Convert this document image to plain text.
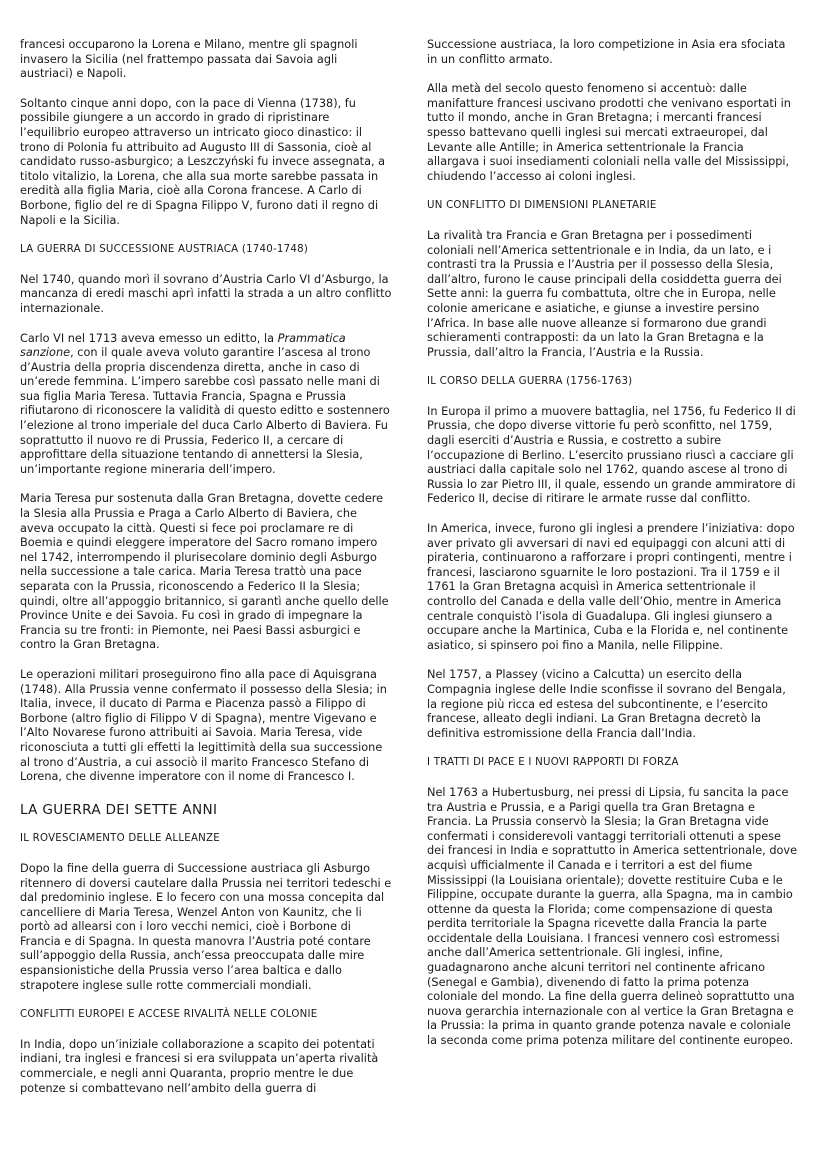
francesi occuparono la Lorena e Milano, mentre gli spagnoli invasero la Sicilia (nel frattempo passata dai Savoia agli austriaci) e Napoli.

Soltanto cinque anni dopo, con la pace di Vienna (1738), fu possibile giungere a un accordo in grado di ripristinare l’equilibrio europeo attraverso un intricato gioco dinastico: il trono di Polonia fu attribuito ad Augusto III di Sassonia, cioè al candidato russo-asburgico; a Leszczyński fu invece assegnata, a titolo vitalizio, la Lorena, che alla sua morte sarebbe passata in eredità alla figlia Maria, cioè alla Corona francese. A Carlo di Borbone, figlio del re di Spagna Filippo V, furono dati il regno di Napoli e la Sicilia.

LA GUERRA DI SUCCESSIONE AUSTRIACA (1740-1748)

Nel 1740, quando morì il sovrano d’Austria Carlo VI d’Asburgo, la mancanza di eredi maschi aprì infatti la strada a un altro conflitto internazionale.

Carlo VI nel 1713 aveva emesso un editto, la Prammatica sanzione, con il quale aveva voluto garantire l’ascesa al trono d’Austria della propria discendenza diretta, anche in caso di un’erede femmina. L’impero sarebbe così passato nelle mani di sua figlia Maria Teresa. Tuttavia Francia, Spagna e Prussia rifiutarono di riconoscere la validità di questo editto e sostennero l’elezione al trono imperiale del duca Carlo Alberto di Baviera. Fu soprattutto il nuovo re di Prussia, Federico II, a cercare di approfittare della situazione tentando di annettersi la Slesia, un’importante regione mineraria dell’impero.

Maria Teresa pur sostenuta dalla Gran Bretagna, dovette cedere la Slesia alla Prussia e Praga a Carlo Alberto di Baviera, che aveva occupato la città. Questi si fece poi proclamare re di Boemia e quindi eleggere imperatore del Sacro romano impero nel 1742, interrompendo il plurisecolare dominio degli Asburgo nella successione a tale carica. Maria Teresa trattò una pace separata con la Prussia, riconoscendo a Federico II la Slesia; quindi, oltre all’appoggio britannico, si garantì anche quello delle Province Unite e dei Savoia. Fu così in grado di impegnare la Francia su tre fronti: in Piemonte, nei Paesi Bassi asburgici e contro la Gran Bretagna.

Le operazioni militari proseguirono fino alla pace di Aquisgrana (1748). Alla Prussia venne confermato il possesso della Slesia; in Italia, invece, il ducato di Parma e Piacenza passò a Filippo di Borbone (altro figlio di Filippo V di Spagna), mentre Vigevano e l’Alto Novarese furono attribuiti ai Savoia. Maria Teresa, vide riconosciuta a tutti gli effetti la legittimità della sua successione al trono d’Austria, a cui associò il marito Francesco Stefano di Lorena, che divenne imperatore con il nome di Francesco I.

LA GUERRA DEI SETTE ANNI
IL ROVESCIAMENTO DELLE ALLEANZE

Dopo la fine della guerra di Successione austriaca gli Asburgo ritennero di doversi cautelare dalla Prussia nei territori tedeschi e dal predominio inglese. E lo fecero con una mossa concepita dal cancelliere di Maria Teresa, Wenzel Anton von Kaunitz, che li portò ad allearsi con i loro vecchi nemici, cioè i Borbone di Francia e di Spagna. In questa manovra l’Austria poté contare sull’appoggio della Russia, anch’essa preoccupata dalle mire espansionistiche della Prussia verso l’area baltica e dallo strapotere inglese sulle rotte commerciali mondiali.

CONFLITTI EUROPEI E ACCESE RIVALITÀ NELLE COLONIE

In India, dopo un’iniziale collaborazione a scapito dei potentati indiani, tra inglesi e francesi si era sviluppata un’aperta rivalità commerciale, e negli anni Quaranta, proprio mentre le due potenze si combattevano nell’ambito della guerra di

Successione austriaca, la loro competizione in Asia era sfociata in un conflitto armato.

Alla metà del secolo questo fenomeno si accentuò: dalle manifatture francesi uscivano prodotti che venivano esportati in tutto il mondo, anche in Gran Bretagna; i mercanti francesi spesso battevano quelli inglesi sui mercati extraeuropei, dal Levante alle Antille; in America settentrionale la Francia allargava i suoi insediamenti coloniali nella valle del Mississippi, chiudendo l’accesso ai coloni inglesi.

UN CONFLITTO DI DIMENSIONI PLANETARIE

La rivalità tra Francia e Gran Bretagna per i possedimenti coloniali nell’America settentrionale e in India, da un lato, e i contrasti tra la Prussia e l’Austria per il possesso della Slesia, dall’altro, furono le cause principali della cosiddetta guerra dei Sette anni: la guerra fu combattuta, oltre che in Europa, nelle colonie americane e asiatiche, e giunse a investire persino l’Africa. In base alle nuove alleanze si formarono due grandi schieramenti contrapposti: da un lato la Gran Bretagna e la Prussia, dall’altro la Francia, l’Austria e la Russia.

IL CORSO DELLA GUERRA (1756-1763)

In Europa il primo a muovere battaglia, nel 1756, fu Federico II di Prussia, che dopo diverse vittorie fu però sconfitto, nel 1759, dagli eserciti d’Austria e Russia, e costretto a subire l’occupazione di Berlino. L’esercito prussiano riuscì a cacciare gli austriaci dalla capitale solo nel 1762, quando ascese al trono di Russia lo zar Pietro III, il quale, essendo un grande ammiratore di Federico II, decise di ritirare le armate russe dal conflitto.

In America, invece, furono gli inglesi a prendere l’iniziativa: dopo aver privato gli avversari di navi ed equipaggi con alcuni atti di pirateria, continuarono a rafforzare i propri contingenti, mentre i francesi, lasciarono sguarnite le loro postazioni. Tra il 1759 e il 1761 la Gran Bretagna acquisì in America settentrionale il controllo del Canada e della valle dell’Ohio, mentre in America centrale conquistò l’isola di Guadalupa. Gli inglesi giunsero a occupare anche la Martinica, Cuba e la Florida e, nel continente asiatico, si spinsero poi fino a Manila, nelle Filippine.

Nel 1757, a Plassey (vicino a Calcutta) un esercito della Compagnia inglese delle Indie sconfisse il sovrano del Bengala, la regione più ricca ed estesa del subcontinente, e l’esercito francese, alleato degli indiani. La Gran Bretagna decretò la definitiva estromissione della Francia dall’India.

I TRATTI DI PACE E I NUOVI RAPPORTI DI FORZA

Nel 1763 a Hubertusburg, nei pressi di Lipsia, fu sancita la pace tra Austria e Prussia, e a Parigi quella tra Gran Bretagna e Francia. La Prussia conservò la Slesia; la Gran Bretagna vide confermati i considerevoli vantaggi territoriali ottenuti a spese dei francesi in India e soprattutto in America settentrionale, dove acquisì ufficialmente il Canada e i territori a est del fiume Mississippi (la Louisiana orientale); dovette restituire Cuba e le Filippine, occupate durante la guerra, alla Spagna, ma in cambio ottenne da questa la Florida; come compensazione di questa perdita territoriale la Spagna ricevette dalla Francia la parte occidentale della Louisiana. I francesi vennero così estromessi anche dall’America settentrionale. Gli inglesi, infine, guadagnarono anche alcuni territori nel continente africano (Senegal e Gambia), divenendo di fatto la prima potenza coloniale del mondo. La fine della guerra delineò soprattutto una nuova gerarchia internazionale con al vertice la Gran Bretagna e la Prussia: la prima in quanto grande potenza navale e coloniale la seconda come prima potenza militare del continente europeo.
